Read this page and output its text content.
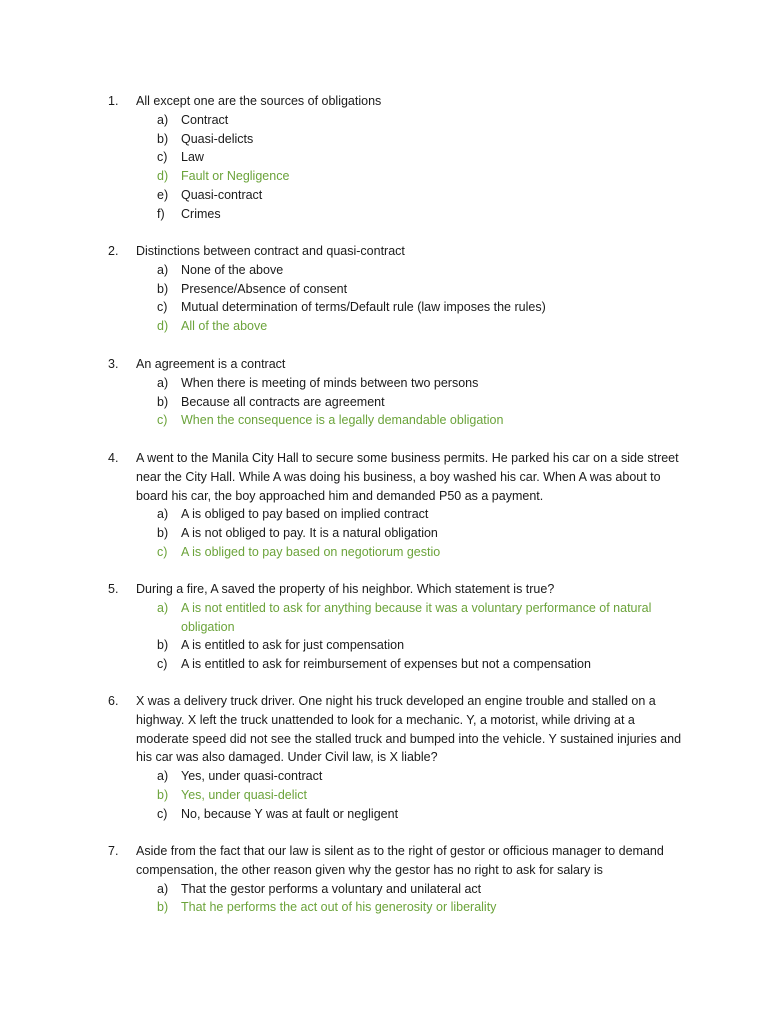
1.	All except one are the sources of obligations
a)	Contract
b)	Quasi-delicts
c)	Law
d)	Fault or Negligence
e)	Quasi-contract
f)	Crimes
2.	Distinctions between contract and quasi-contract
a)	None of the above
b)	Presence/Absence of consent
c)	Mutual determination of terms/Default rule (law imposes the rules)
d)	All of the above
3.	An agreement is a contract
a)	When there is meeting of minds between two persons
b)	Because all contracts are agreement
c)	When the consequence is a legally demandable obligation
4.	A went to the Manila City Hall to secure some business permits. He parked his car on a side street near the City Hall. While A was doing his business, a boy washed his car. When A was about to board his car, the boy approached him and demanded P50 as a payment.
a)	A is obliged to pay based on implied contract
b)	A is not obliged to pay. It is a natural obligation
c)	A is obliged to pay based on negotiorum gestio
5.	During a fire, A saved the property of his neighbor. Which statement is true?
a)	A is not entitled to ask for anything because it was a voluntary performance of natural obligation
b)	A is entitled to ask for just compensation
c)	A is entitled to ask for reimbursement of expenses but not a compensation
6.	X was a delivery truck driver. One night his truck developed an engine trouble and stalled on a highway. X left the truck unattended to look for a mechanic. Y, a motorist, while driving at a moderate speed did not see the stalled truck and bumped into the vehicle. Y sustained injuries and his car was also damaged. Under Civil law, is X liable?
a)	Yes, under quasi-contract
b)	Yes, under quasi-delict
c)	No, because Y was at fault or negligent
7.	Aside from the fact that our law is silent as to the right of gestor or officious manager to demand compensation, the other reason given why the gestor has no right to ask for salary is
a)	That the gestor performs a voluntary and unilateral act
b)	That he performs the act out of his generosity or liberality
